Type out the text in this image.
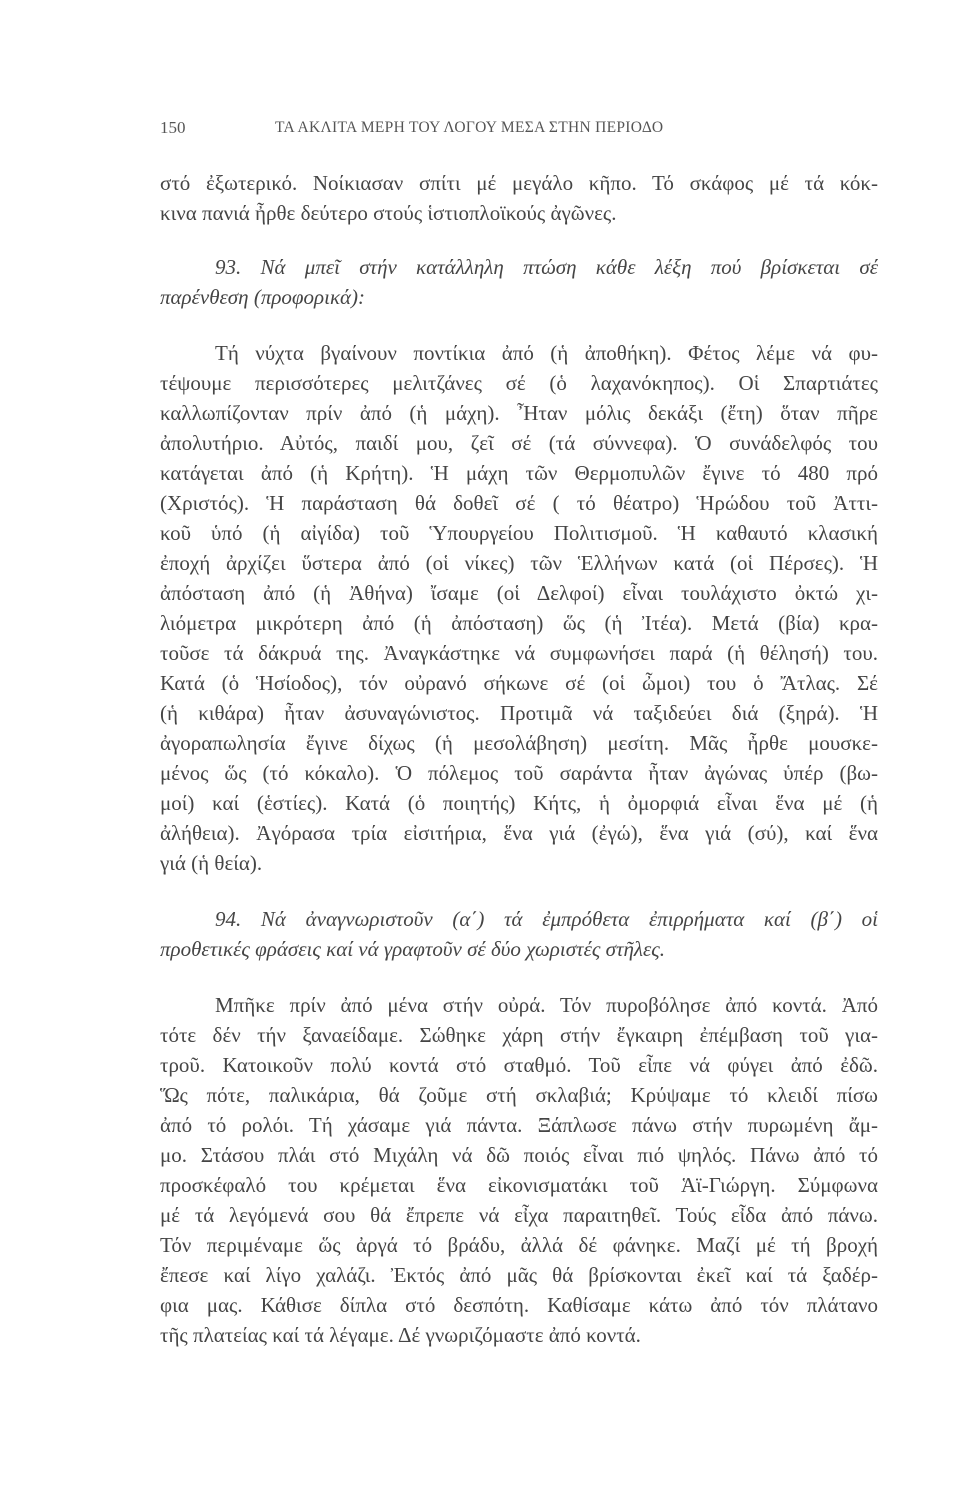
150	ΤΑ ΑΚΛΙΤΑ ΜΕΡΗ ΤΟΥ ΛΟΓΟΥ ΜΕΣΑ ΣΤΗΝ ΠΕΡΙΟΔΟ
στό ἐξωτερικό. Νοίκιασαν σπίτι μέ μεγάλο κῆπο. Τό σκάφος μέ τά κόκ-
κινα πανιά ἦρθε δεύτερο στούς ἱστιοπλοϊκούς ἀγῶνες.
93. Νά μπεῖ στήν κατάλληλη πτώση κάθε λέξη πού βρίσκεται σέ
παρένθεση (προφορικά):
Τή νύχτα βγαίνουν ποντίκια ἀπό (ἡ ἀποθήκη). Φέτος λέμε νά φυ-
τέψουμε περισσότερες μελιτζάνες σέ (ὁ λαχανόκηπος). Οἱ Σπαρτιάτες
καλλωπίζονταν πρίν ἀπό (ἡ μάχη). Ἦταν μόλις δεκάξι (ἔτη) ὅταν πῆρε
ἀπολυτήριο. Αὐτός, παιδί μου, ζεῖ σέ (τά σύννεφα). Ὁ συνάδελφός του
κατάγεται ἀπό (ἡ Κρήτη). Ἡ μάχη τῶν Θερμοπυλῶν ἔγινε τό 480 πρό
(Χριστός). Ἡ παράσταση θά δοθεῖ σέ ( τό θέατρο) Ἡρώδου τοῦ Ἀττι-
κοῦ ὑπό (ἡ αἰγίδα) τοῦ Ὑπουργείου Πολιτισμοῦ. Ἡ καθαυτό κλασική
ἐποχή ἀρχίζει ὕστερα ἀπό (οἱ νίκες) τῶν Ἑλλήνων κατά (οἱ Πέρσες). Ἡ
ἀπόσταση ἀπό (ἡ Ἀθήνα) ἴσαμε (οἱ Δελφοί) εἶναι τουλάχιστο ὀκτώ χι-
λιόμετρα μικρότερη ἀπό (ἡ ἀπόσταση) ὥς (ἡ Ἰτέα). Μετά (βία) κρα-
τοῦσε τά δάκρυά της. Ἀναγκάστηκε νά συμφωνήσει παρά (ἡ θέλησή) του.
Κατά (ὁ Ἡσίοδος), τόν οὐρανό σήκωνε σέ (οἱ ὦμοι) του ὁ Ἄτλας. Σέ
(ἡ κιθάρα) ἦταν ἀσυναγώνιστος. Προτιμᾶ νά ταξιδεύει διά (ξηρά). Ἡ
ἀγοραπωλησία ἔγινε δίχως (ἡ μεσολάβηση) μεσίτη. Μᾶς ἦρθε μουσκε-
μένος ὥς (τό κόκαλο). Ὁ πόλεμος τοῦ σαράντα ἦταν ἀγώνας ὑπέρ (βω-
μοί) καί (ἑστίες). Κατά (ὁ ποιητής) Κήτς, ἡ ὀμορφιά εἶναι ἕνα μέ (ἡ
ἀλήθεια). Ἀγόρασα τρία εἰσιτήρια, ἕνα γιά (ἐγώ), ἕνα γιά (σύ), καί ἕνα
γιά (ἡ θεία).
94. Νά ἀναγνωριστοῦν (α΄) τά ἐμπρόθετα ἐπιρρήματα καί (β΄) οἱ
προθετικές φράσεις καί νά γραφτοῦν σέ δύο χωριστές στῆλες.
Μπῆκε πρίν ἀπό μένα στήν οὐρά. Τόν πυροβόλησε ἀπό κοντά. Ἀπό
τότε δέν τήν ξαναείδαμε. Σώθηκε χάρη στήν ἔγκαιρη ἐπέμβαση τοῦ για-
τροῦ. Κατοικοῦν πολύ κοντά στό σταθμό. Τοῦ εἶπε νά φύγει ἀπό ἐδῶ.
Ὥς πότε, παλικάρια, θά ζοῦμε στή σκλαβιά; Κρύψαμε τό κλειδί πίσω
ἀπό τό ρολόι. Τή χάσαμε γιά πάντα. Ξάπλωσε πάνω στήν πυρωμένη ἄμ-
μο. Στάσου πλάι στό Μιχάλη νά δῶ ποιός εἶναι πιό ψηλός. Πάνω ἀπό τό
προσκέφαλό του κρέμεται ἕνα εἰκονισματάκι τοῦ Ἁϊ-Γιώργη. Σύμφωνα
μέ τά λεγόμενά σου θά ἔπρεπε νά εἶχα παραιτηθεῖ. Τούς εἶδα ἀπό πάνω.
Τόν περιμέναμε ὥς ἀργά τό βράδυ, ἀλλά δέ φάνηκε. Μαζί μέ τή βροχή
ἔπεσε καί λίγο χαλάζι. Ἐκτός ἀπό μᾶς θά βρίσκονται ἐκεῖ καί τά ξαδέρ-
φια μας. Κάθισε δίπλα στό δεσπότη. Καθίσαμε κάτω ἀπό τόν πλάτανο
τῆς πλατείας καί τά λέγαμε. Δέ γνωριζόμαστε ἀπό κοντά.
